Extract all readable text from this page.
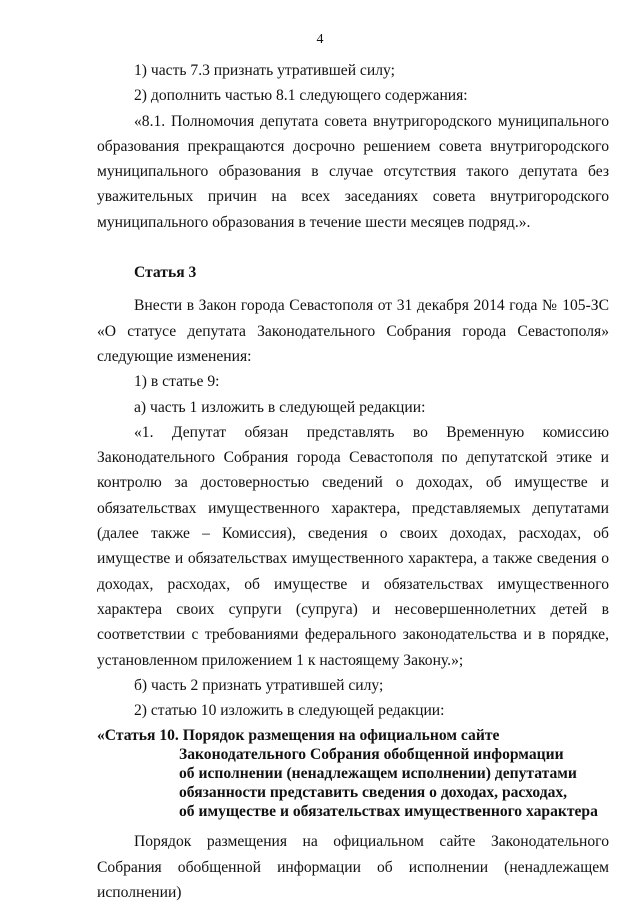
4

1) часть 7.3 признать утратившей силу;

2) дополнить частью 8.1 следующего содержания:

«8.1. Полномочия депутата совета внутригородского муниципального образования прекращаются досрочно решением совета внутригородского муниципального образования в случае отсутствия такого депутата без уважительных причин на всех заседаниях совета внутригородского муниципального образования в течение шести месяцев подряд.».

Статья 3

Внести в Закон города Севастополя от 31 декабря 2014 года № 105-ЗС «О статусе депутата Законодательного Собрания города Севастополя» следующие изменения:

1) в статье 9:

а) часть 1 изложить в следующей редакции:

«1. Депутат обязан представлять во Временную комиссию Законодательного Собрания города Севастополя по депутатской этике и контролю за достоверностью сведений о доходах, об имуществе и обязательствах имущественного характера, представляемых депутатами (далее также – Комиссия), сведения о своих доходах, расходах, об имуществе и обязательствах имущественного характера, а также сведения о доходах, расходах, об имуществе и обязательствах имущественного характера своих супруги (супруга) и несовершеннолетних детей в соответствии с требованиями федерального законодательства и в порядке, установленном приложением 1 к настоящему Закону.»;

б) часть 2 признать утратившей силу;

2) статью 10 изложить в следующей редакции:

«Статья 10. Порядок размещения на официальном сайте
Законодательного Собрания обобщенной информации
об исполнении (ненадлежащем исполнении) депутатами
обязанности представить сведения о доходах, расходах,
об имуществе и обязательствах имущественного характера

Порядок размещения на официальном сайте Законодательного Собрания обобщенной информации об исполнении (ненадлежащем исполнении)
